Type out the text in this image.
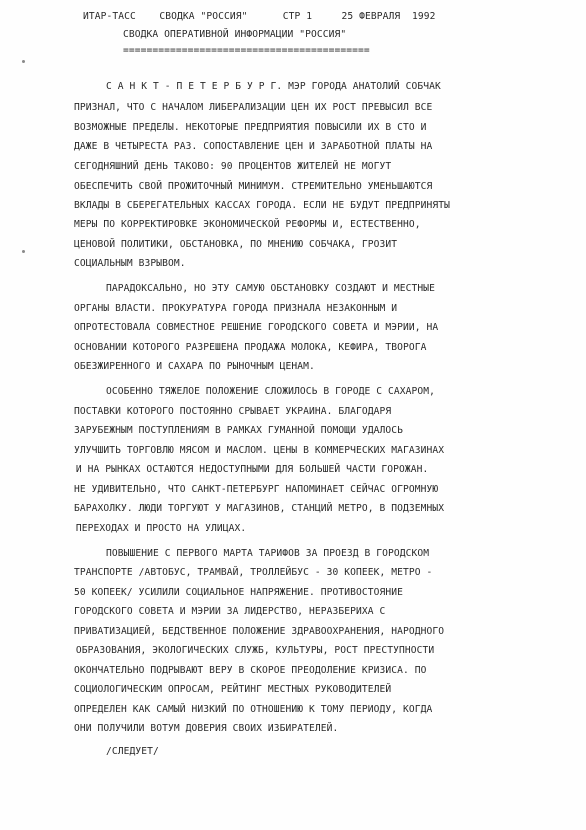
ИТАР-ТАСС    СВОДКА "РОССИЯ"      СТР 1     25 ФЕВРАЛЯ  1992
СВОДКА ОПЕРАТИВНОЙ ИНФОРМАЦИИ "РОССИЯ"
==========================================
С А Н К Т - П Е Т Е Р Б У Р Г. МЭР ГОРОДА АНАТОЛИЙ СОБЧАК
ПРИЗНАЛ, ЧТО С НАЧАЛОМ ЛИБЕРАЛИЗАЦИИ ЦЕН ИХ РОСТ ПРЕВЫСИЛ ВСЕ
ВОЗМОЖНЫЕ ПРЕДЕЛЫ. НЕКОТОРЫЕ ПРЕДПРИЯТИЯ ПОВЫСИЛИ ИХ В СТО И
ДАЖЕ В ЧЕТЫРЕСТА РАЗ. СОПОСТАВЛЕНИЕ ЦЕН И ЗАРАБОТНОЙ ПЛАТЫ НА
СЕГОДНЯШНИЙ ДЕНЬ ТАКОВО: 90 ПРОЦЕНТОВ ЖИТЕЛЕЙ НЕ МОГУТ
ОБЕСПЕЧИТЬ СВОЙ ПРОЖИТОЧНЫЙ МИНИМУМ. СТРЕМИТЕЛЬНО УМЕНЬШАЮТСЯ
ВКЛАДЫ В СБЕРЕГАТЕЛЬНЫХ КАССАХ ГОРОДА. ЕСЛИ НЕ БУДУТ ПРЕДПРИНЯТЫ
МЕРЫ ПО КОРРЕКТИРОВКЕ ЭКОНОМИЧЕСКОЙ РЕФОРМЫ И, ЕСТЕСТВЕННО,
ЦЕНОВОЙ ПОЛИТИКИ, ОБСТАНОВКА, ПО МНЕНИЮ СОБЧАКА, ГРОЗИТ
СОЦИАЛЬНЫМ ВЗРЫВОМ.
ПАРАДОКСАЛЬНО, НО ЭТУ САМУЮ ОБСТАНОВКУ СОЗДАЮТ И МЕСТНЫЕ
ОРГАНЫ ВЛАСТИ. ПРОКУРАТУРА ГОРОДА ПРИЗНАЛА НЕЗАКОННЫМ И
ОПРОТЕСТОВАЛА СОВМЕСТНОЕ РЕШЕНИЕ ГОРОДСКОГО СОВЕТА И МЭРИИ, НА
ОСНОВАНИИ КОТОРОГО РАЗРЕШЕНА ПРОДАЖА МОЛОКА, КЕФИРА, ТВОРОГА
ОБЕЗЖИРЕННОГО И САХАРА ПО РЫНОЧНЫМ ЦЕНАМ.
ОСОБЕННО ТЯЖЕЛОЕ ПОЛОЖЕНИЕ СЛОЖИЛОСЬ В ГОРОДЕ С САХАРОМ,
ПОСТАВКИ КОТОРОГО ПОСТОЯННО СРЫВАЕТ УКРАИНА. БЛАГОДАРЯ
ЗАРУБЕЖНЫМ ПОСТУПЛЕНИЯМ В РАМКАХ ГУМАННОЙ ПОМОЩИ УДАЛОСЬ
УЛУЧШИТЬ ТОРГОВЛЮ МЯСОМ И МАСЛОМ. ЦЕНЫ В КОММЕРЧЕСКИХ МАГАЗИНАХ
И НА РЫНКАХ ОСТАЮТСЯ НЕДОСТУПНЫМИ ДЛЯ БОЛЬШЕЙ ЧАСТИ ГОРОЖАН.
НЕ УДИВИТЕЛЬНО, ЧТО САНКТ-ПЕТЕРБУРГ НАПОМИНАЕТ СЕЙЧАС ОГРОМНУЮ
БАРАХОЛКУ. ЛЮДИ ТОРГУЮТ У МАГАЗИНОВ, СТАНЦИЙ МЕТРО, В ПОДЗЕМНЫХ
ПЕРЕХОДАХ И ПРОСТО НА УЛИЦАХ.
ПОВЫШЕНИЕ С ПЕРВОГО МАРТА ТАРИФОВ ЗА ПРОЕЗД В ГОРОДСКОМ
ТРАНСПОРТЕ /АВТОБУС, ТРАМВАЙ, ТРОЛЛЕЙБУС - 30 КОПЕЕК, МЕТРО -
50 КОПЕЕК/ УСИЛИЛИ СОЦИАЛЬНОЕ НАПРЯЖЕНИЕ. ПРОТИВОСТОЯНИЕ
ГОРОДСКОГО СОВЕТА И МЭРИИ ЗА ЛИДЕРСТВО, НЕРАЗБЕРИХА С
ПРИВАТИЗАЦИЕЙ, БЕДСТВЕННОЕ ПОЛОЖЕНИЕ ЗДРАВООХРАНЕНИЯ, НАРОДНОГО
ОБРАЗОВАНИЯ, ЭКОЛОГИЧЕСКИХ СЛУЖБ, КУЛЬТУРЫ, РОСТ ПРЕСТУПНОСТИ
ОКОНЧАТЕЛЬНО ПОДРЫВАЮТ ВЕРУ В СКОРОЕ ПРЕОДОЛЕНИЕ КРИЗИСА. ПО
СОЦИОЛОГИЧЕСКИМ ОПРОСАМ, РЕЙТИНГ МЕСТНЫХ РУКОВОДИТЕЛЕЙ
ОПРЕДЕЛЕН КАК САМЫЙ НИЗКИЙ ПО ОТНОШЕНИЮ К ТОМУ ПЕРИОДУ, КОГДА
ОНИ ПОЛУЧИЛИ ВОТУМ ДОВЕРИЯ СВОИХ ИЗБИРАТЕЛЕЙ.
/СЛЕДУЕТ/
